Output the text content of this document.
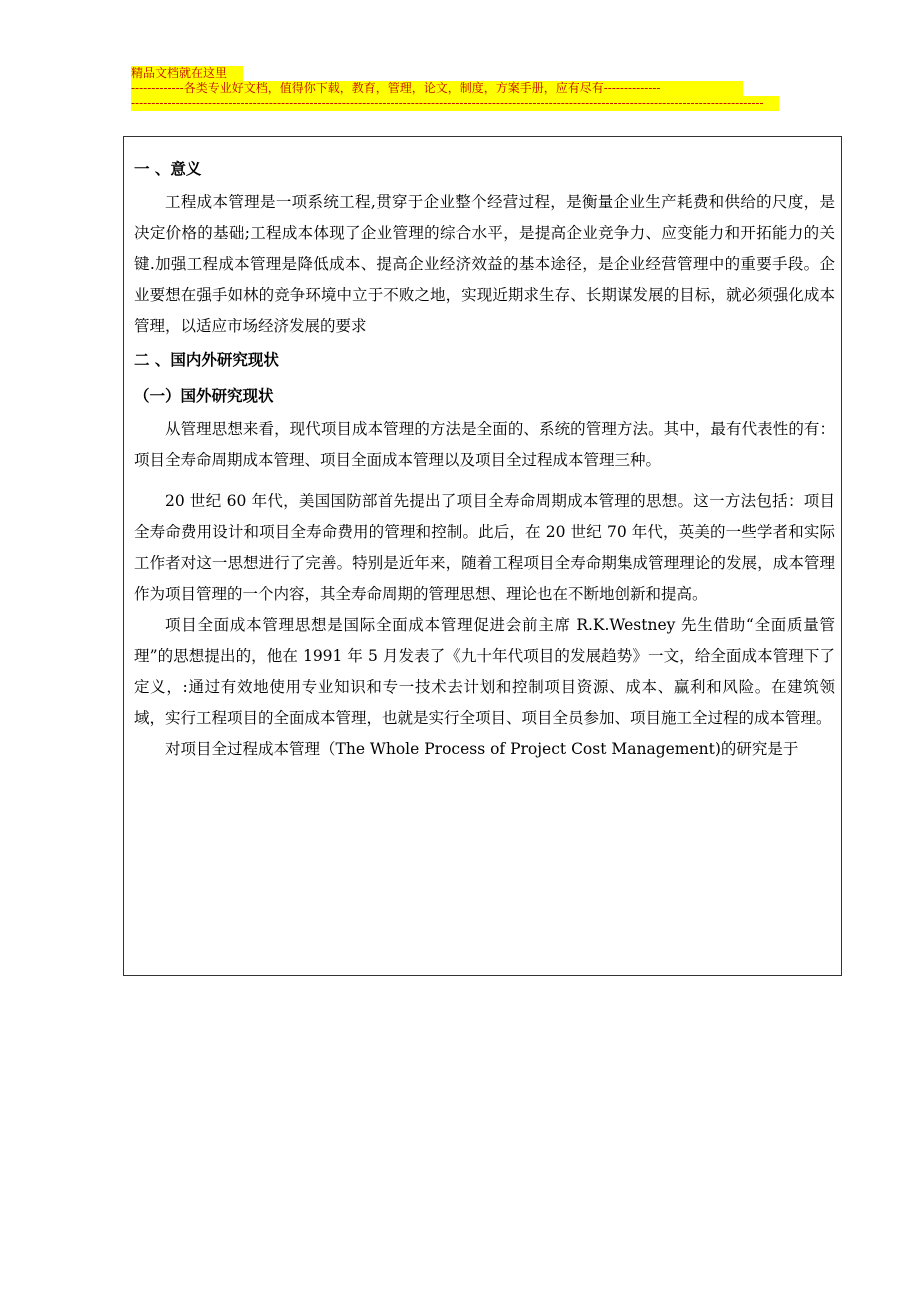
精品文档就在这里
-------------各类专业好文档，值得你下载，教育，管理，论文，制度，方案手册，应有尽有--------------
------------------------------------------------------------------------------------------------------------------------------------------------------------
一 、意义

工程成本管理是一项系统工程,贯穿于企业整个经营过程，是衡量企业生产耗费和供给的尺度，是决定价格的基础;工程成本体现了企业管理的综合水平，是提高企业竞争力、应变能力和开拓能力的关键.加强工程成本管理是降低成本、提高企业经济效益的基本途径，是企业经营管理中的重要手段。企业要想在强手如林的竞争环境中立于不败之地，实现近期求生存、长期谋发展的目标，就必须强化成本管理，以适应市场经济发展的要求

二 、国内外研究现状
（一）国外研究现状

从管理思想来看，现代项目成本管理的方法是全面的、系统的管理方法。其中，最有代表性的有：项目全寿命周期成本管理、项目全面成本管理以及项目全过程成本管理三种。

20 世纪 60 年代，美国国防部首先提出了项目全寿命周期成本管理的思想。这一方法包括：项目全寿命费用设计和项目全寿命费用的管理和控制。此后，在 20 世纪 70 年代，英美的一些学者和实际工作者对这一思想进行了完善。特别是近年来，随着工程项目全寿命期集成管理理论的发展，成本管理作为项目管理的一个内容，其全寿命周期的管理思想、理论也在不断地创新和提高。

项目全面成本管理思想是国际全面成本管理促进会前主席 R.K.Westney 先生借助“全面质量管理”的思想提出的，他在 1991 年 5 月发表了《九十年代项目的发展趋势》一文，给全面成本管理下了定义，:通过有效地使用专业知识和专一技术去计划和控制项目资源、成本、赢利和风险。在建筑领域，实行工程项目的全面成本管理，也就是实行全项目、项目全员参加、项目施工全过程的成本管理。

对项目全过程成本管理（The Whole Process of Project Cost Management)的研究是于
